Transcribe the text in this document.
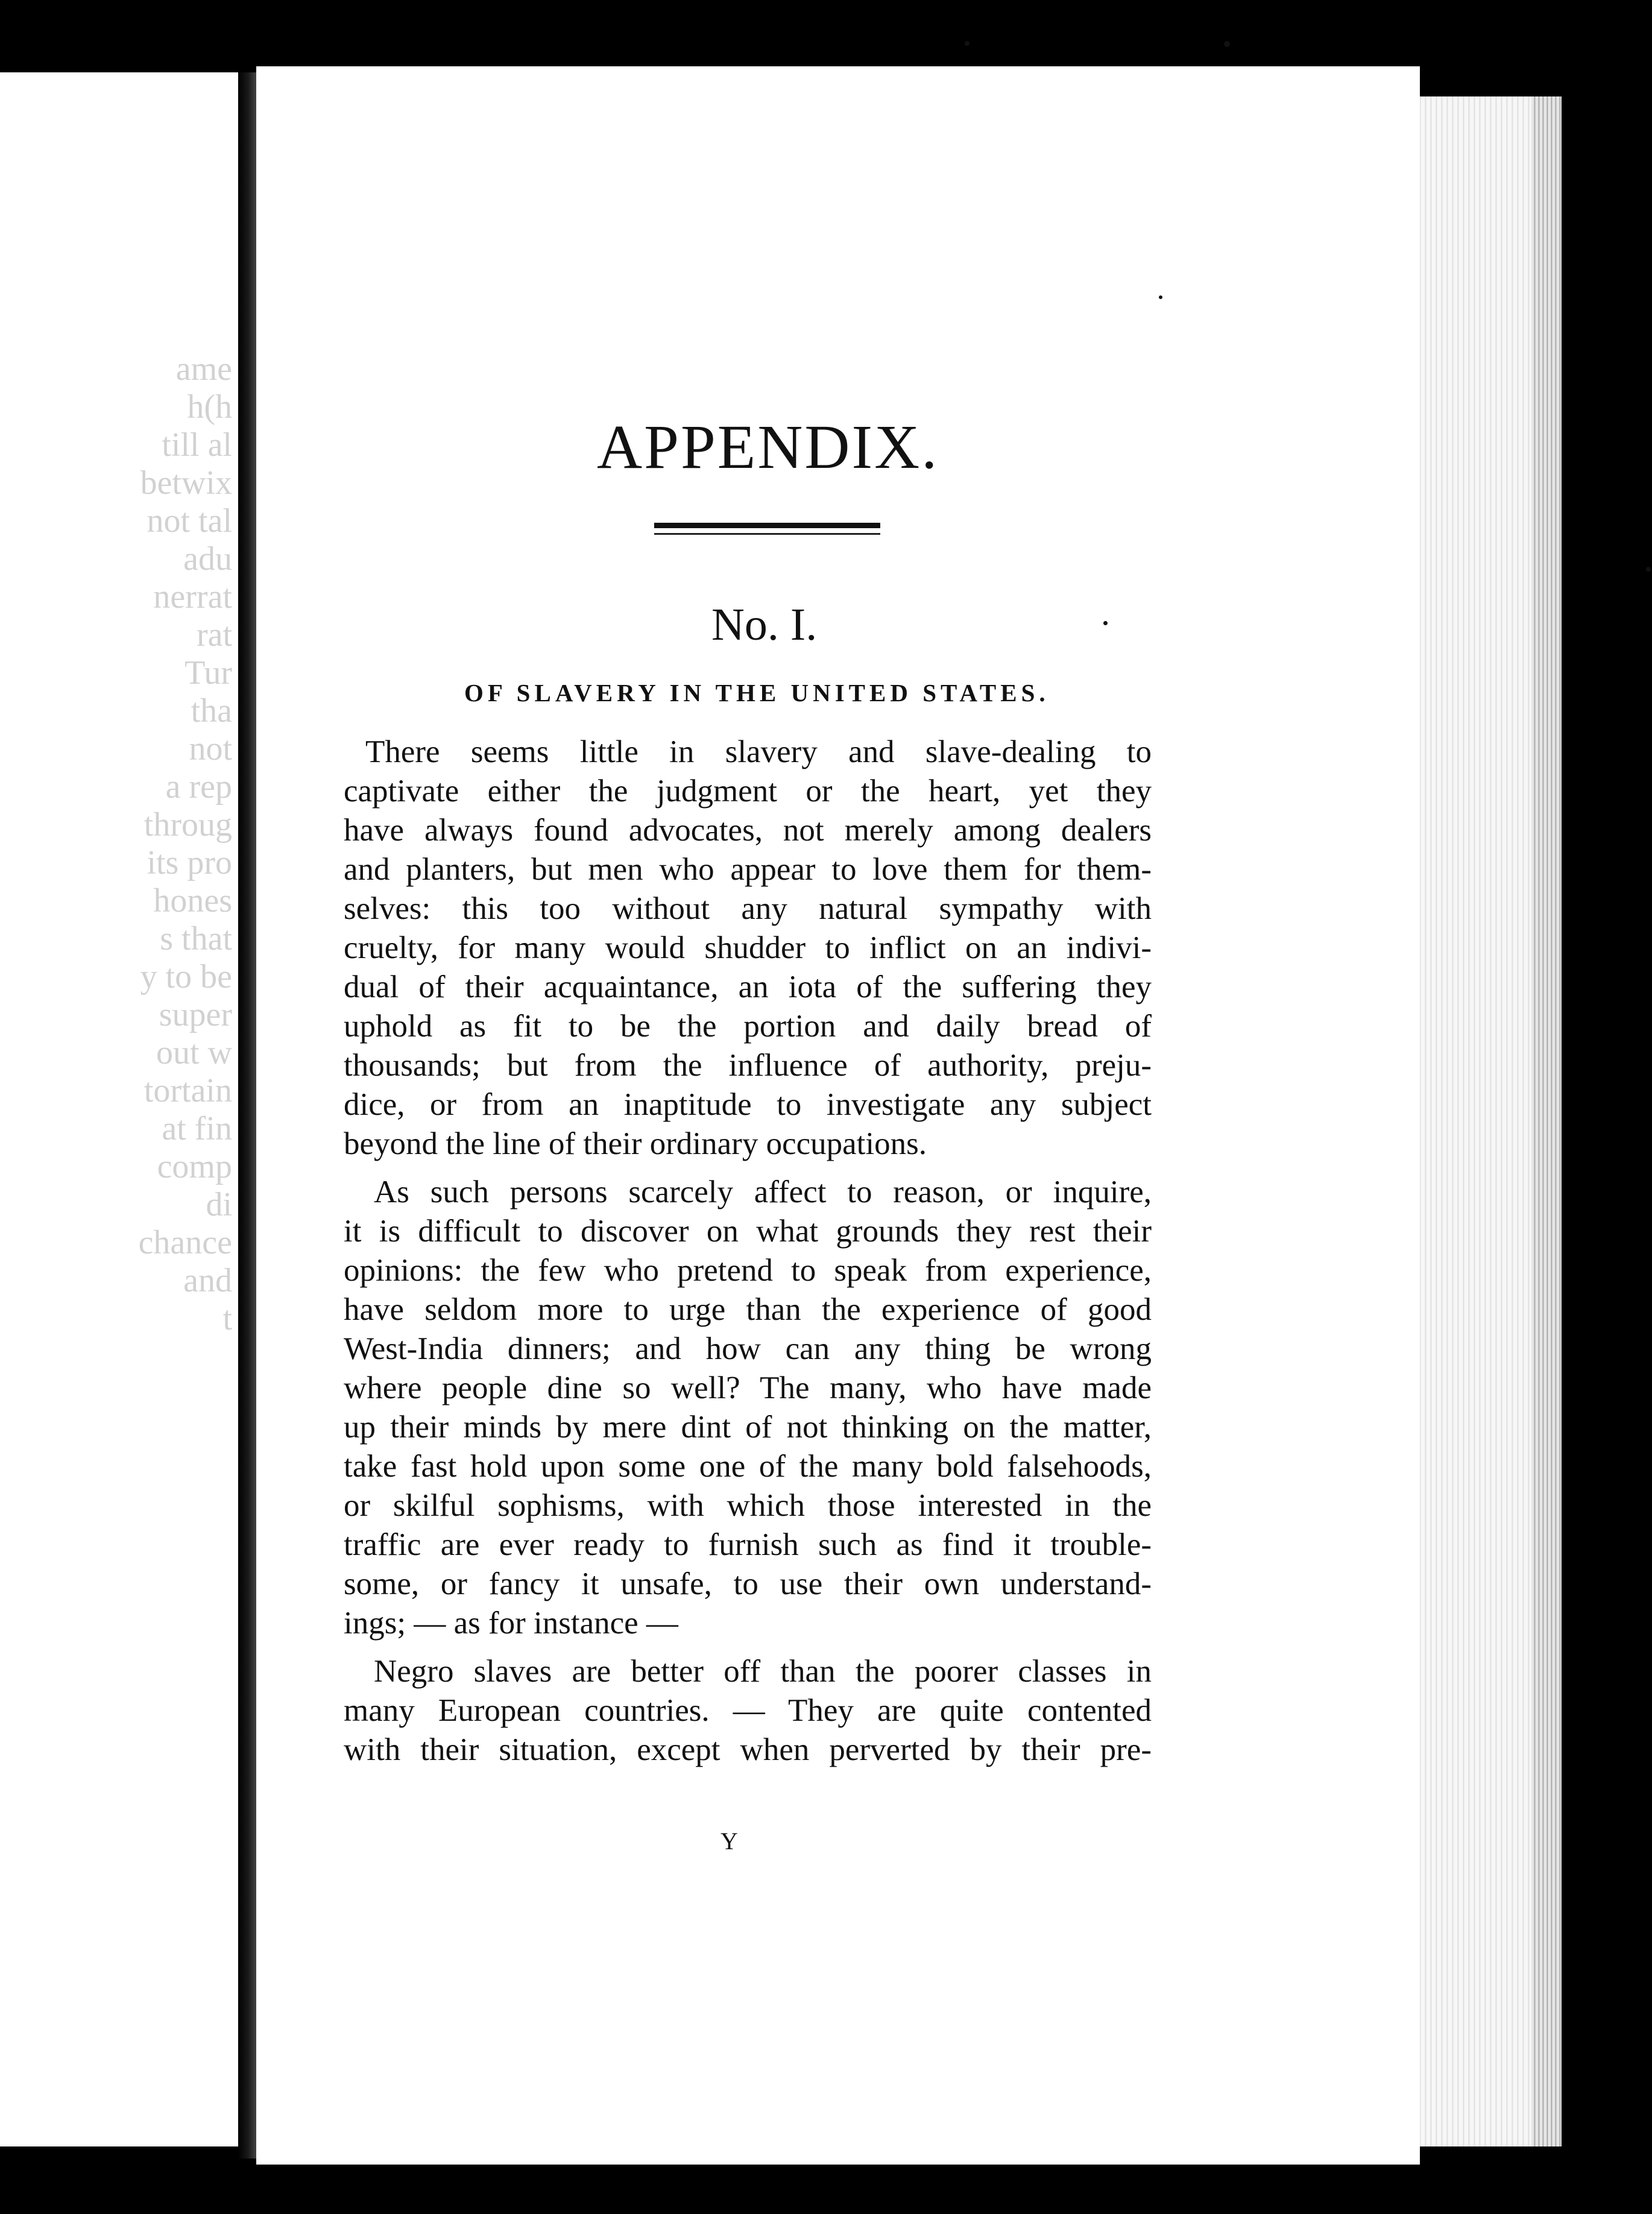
ame
h(h
till al
betwix
not tal
adu
nerrat
rat
Tur
tha
not
a rep
throug
its pro
hones
s that
y to be
super
out w
tortain
at fin
comp
di
chance
and
t
APPENDIX.
No. I.
OF SLAVERY IN THE UNITED STATES.
There seems little in slavery and slave-dealing to
captivate either the judgment or the heart, yet they
have always found advocates, not merely among dealers
and planters, but men who appear to love them for them-
selves: this too without any natural sympathy with
cruelty, for many would shudder to inflict on an indivi-
dual of their acquaintance, an iota of the suffering they
uphold as fit to be the portion and daily bread of
thousands; but from the influence of authority, preju-
dice, or from an inaptitude to investigate any subject
beyond the line of their ordinary occupations.
As such persons scarcely affect to reason, or inquire,
it is difficult to discover on what grounds they rest their
opinions: the few who pretend to speak from experience,
have seldom more to urge than the experience of good
West-India dinners; and how can any thing be wrong
where people dine so well? The many, who have made
up their minds by mere dint of not thinking on the matter,
take fast hold upon some one of the many bold falsehoods,
or skilful sophisms, with which those interested in the
traffic are ever ready to furnish such as find it trouble-
some, or fancy it unsafe, to use their own understand-
ings; — as for instance —
Negro slaves are better off than the poorer classes in
many European countries. — They are quite contented
with their situation, except when perverted by their pre-
Y
